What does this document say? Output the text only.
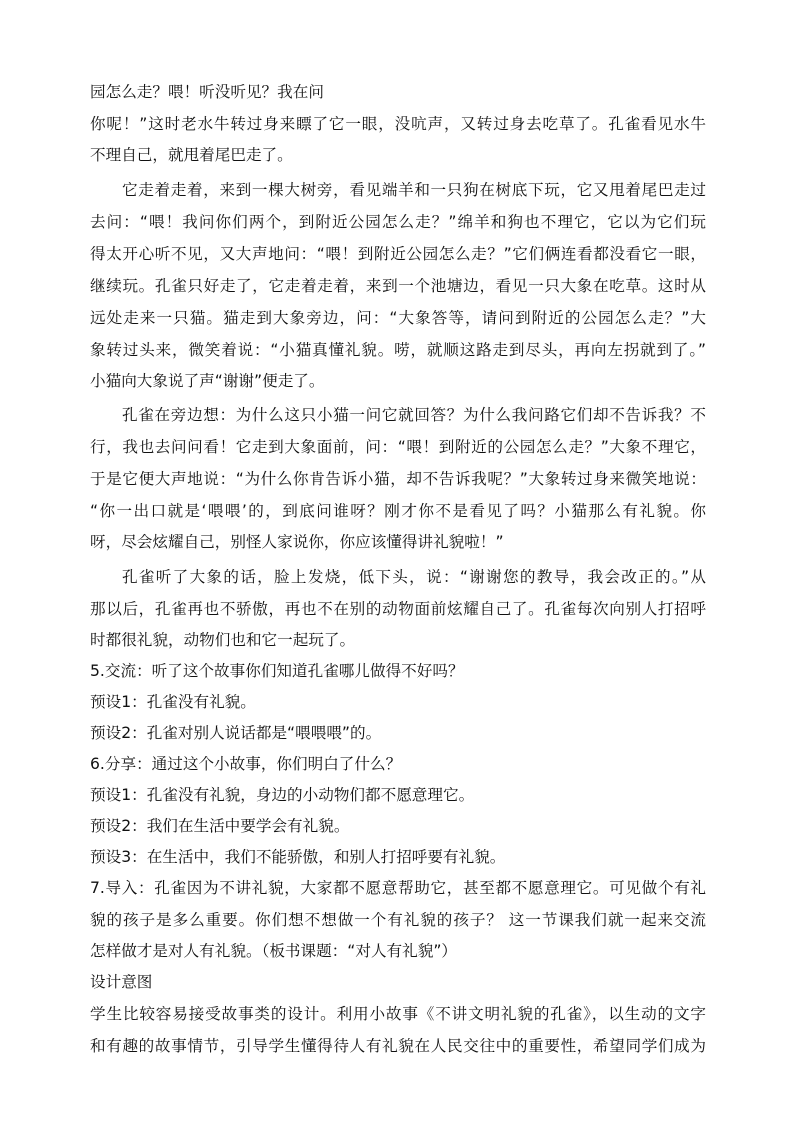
园怎么走？喂！听没听见？我在问
你呢！”这时老水牛转过身来瞟了它一眼，没吭声，又转过身去吃草了。孔雀看见水牛
不理自己，就甩着尾巴走了。
它走着走着，来到一棵大树旁，看见端羊和一只狗在树底下玩，它又甩着尾巴走过
去问：“喂！我问你们两个，到附近公园怎么走？”绵羊和狗也不理它，它以为它们玩
得太开心听不见，又大声地问：“喂！到附近公园怎么走？”它们俩连看都没看它一眼，
继续玩。孔雀只好走了，它走着走着，来到一个池塘边，看见一只大象在吃草。这时从
远处走来一只猫。猫走到大象旁边，问：“大象答等，请问到附近的公园怎么走？”大
象转过头来，微笑着说：“小猫真懂礼貌。唠，就顺这路走到尽头，再向左拐就到了。”
小猫向大象说了声“谢谢”便走了。
孔雀在旁边想：为什么这只小猫一问它就回答？为什么我问路它们却不告诉我？不
行，我也去问问看！它走到大象面前，问：“喂！到附近的公园怎么走？”大象不理它，
于是它便大声地说：“为什么你肯告诉小猫，却不告诉我呢？”大象转过身来微笑地说：
“你一出口就是‘喂喂’的，到底问谁呀？刚才你不是看见了吗？小猫那么有礼貌。你
呀，尽会炫耀自己，别怪人家说你，你应该懂得讲礼貌啦！”
孔雀听了大象的话，脸上发烧，低下头，说：“谢谢您的教导，我会改正的。”从
那以后，孔雀再也不骄傲，再也不在别的动物面前炫耀自己了。孔雀每次向别人打招呼
时都很礼貌，动物们也和它一起玩了。
5.交流：听了这个故事你们知道孔雀哪儿做得不好吗？
预设1：孔雀没有礼貌。
预设2：孔雀对别人说话都是“喂喂喂”的。
6.分享：通过这个小故事，你们明白了什么？
预设1：孔雀没有礼貌，身边的小动物们都不愿意理它。
预设2：我们在生活中要学会有礼貌。
预设3：在生活中，我们不能骄傲，和别人打招呼要有礼貌。
7.导入：孔雀因为不讲礼貌，大家都不愿意帮助它，甚至都不愿意理它。可见做个有礼
貌的孩子是多么重要。你们想不想做一个有礼貌的孩子？ 这一节课我们就一起来交流
怎样做才是对人有礼貌。（板书课题：“对人有礼貌”）
设计意图
学生比较容易接受故事类的设计。利用小故事《不讲文明礼貌的孔雀》，以生动的文字
和有趣的故事情节，引导学生懂得待人有礼貌在人民交往中的重要性，希望同学们成为
